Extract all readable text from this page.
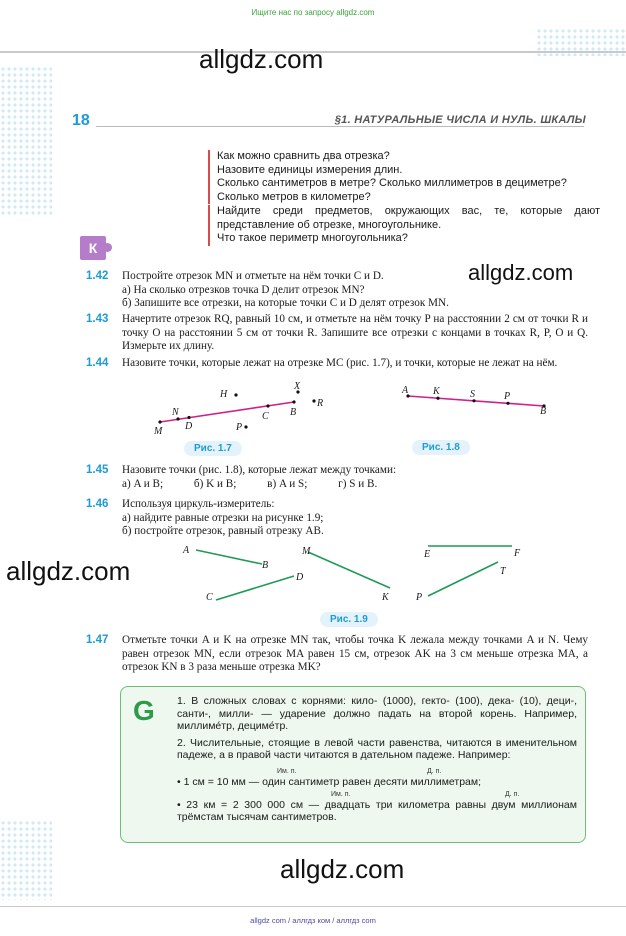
Ищите нас по запросу allgdz.com
allgdz.com
18	§1. НАТУРАЛЬНЫЕ ЧИСЛА И НУЛЬ. ШКАЛЫ
Как можно сравнить два отрезка?
Назовите единицы измерения длин.
Сколько сантиметров в метре? Сколько миллиметров в дециметре?
Сколько метров в километре?
Найдите среди предметов, окружающих вас, те, которые дают представление об отрезке, многоугольнике.
Что такое периметр многоугольника?
К
allgdz.com
1.42 Постройте отрезок MN и отметьте на нём точки C и D.
а) На сколько отрезков точка D делит отрезок MN?
б) Запишите все отрезки, на которые точки C и D делят отрезок MN.
1.43 Начертите отрезок RQ, равный 10 см, и отметьте на нём точку P на расстоянии 2 см от точки R и точку O на расстоянии 5 см от точки R. Запишите все отрезки с концами в точках R, P, O и Q. Измерьте их длину.
1.44 Назовите точки, которые лежат на отрезке MC (рис. 1.7), и точки, которые не лежат на нём.
M
N
D
C B
H
P
X
R
Рис. 1.7
A K	S	P
B
Рис. 1.8
1.45 Назовите точки (рис. 1.8), которые лежат между точками:
а) A и B;	б) K и B;	в) A и S;	г) S и B.
1.46 Используя циркуль-измеритель:
а) найдите равные отрезки на рисунке 1.9;
б) постройте отрезок, равный отрезку AB.
allgdz.com
A
B
C
D
M
K
E	F
T
P
Рис. 1.9
1.47 Отметьте точки A и K на отрезке MN так, чтобы точка K лежала между точками A и N. Чему равен отрезок MN, если отрезок MA равен 15 см, отрезок AK на 3 см меньше отрезка MA, а отрезок KN в 3 раза меньше отрезка MK?
G 1. В сложных словах с корнями: кило- (1000), гекто- (100), дека- (10), деци-, санти-, милли- — ударение должно падать на второй корень. Например, миллиме́тр, дециме́тр.

2. Числительные, стоящие в левой части равенства, читаются в именительном падеже, а в правой части читаются в дательном падеже. Например:

Им. п.	Д. п.
• 1 см = 10 мм — один сантиметр равен десяти миллиметрам;
Им. п.	Д. п.
• 23 км = 2 300 000 см — двадцать три километра равны двум миллионам трёмстам тысячам сантиметров.
allgdz.com
allgdz com / аллгдз ком / аллгдз com
